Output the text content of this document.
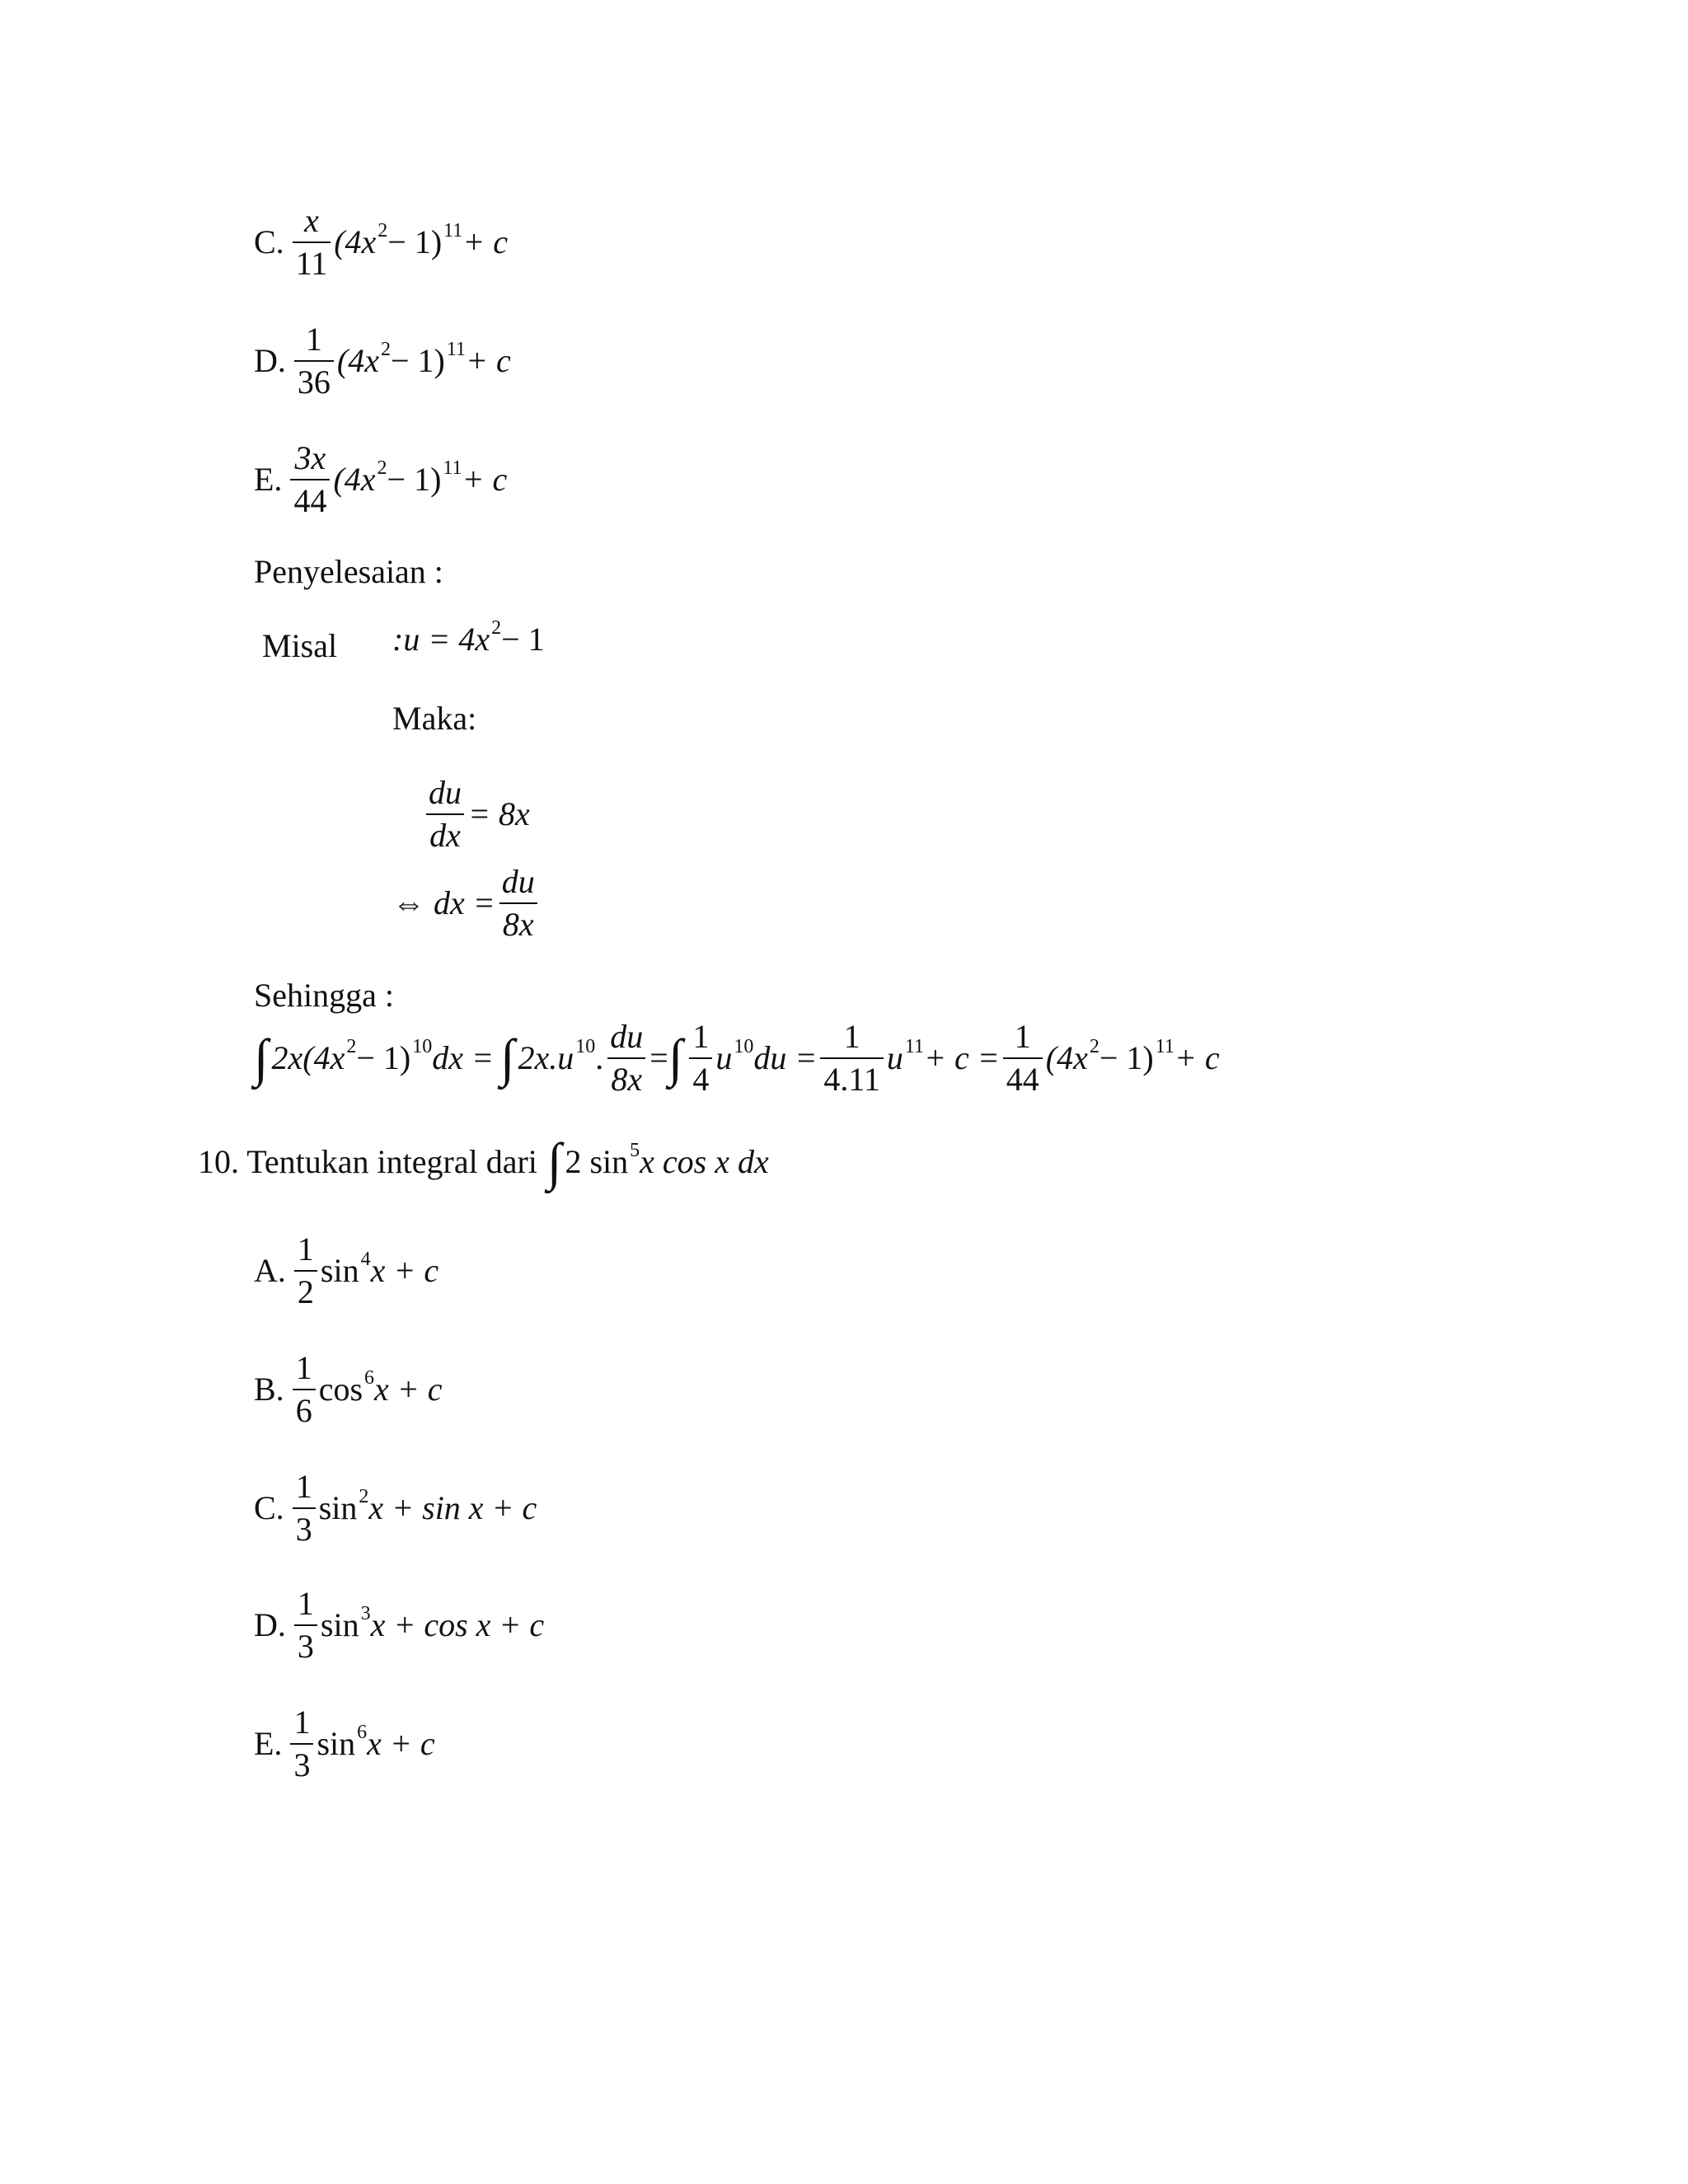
C. $\frac{x}{11} (4x^2 - 1)^{11} + c$
D. $\frac{1}{36} (4x^2 - 1)^{11} + c$
E. $\frac{3x}{44} (4x^2 - 1)^{11} + c$
Penyelesaian :
Misal :u = $4x^2 - 1$
Maka:
$\frac{du}{dx} = 8x$
⇔ dx = $\frac{du}{8x}$
Sehingga :
∫ $2x(4x^2 - 1)^{10}$ dx = ∫ $2x.u^{10}$ . $\frac{du}{8x}$ = ∫ $\frac{1}{4} u^{10}$ du = $\frac{1}{4.11} u^{11} + c = \frac{1}{44} (4x^2 - 1)^{11} + c$
10. Tentukan integral dari ∫ 2 $\sin^5 x$ cos x dx
A. $\frac{1}{2} \sin^4 x + c$
B. $\frac{1}{6} \cos^6 x + c$
C. $\frac{1}{3} \sin^2 x + \sin x + c$
D. $\frac{1}{3} \sin^3 x + \cos x + c$
E. $\frac{1}{3} \sin^6 x + c$
